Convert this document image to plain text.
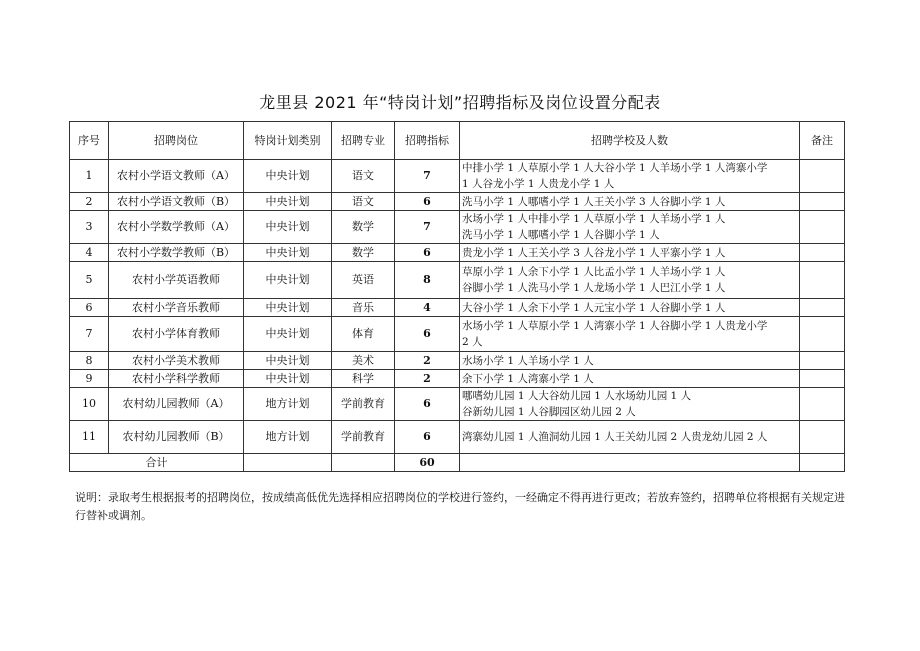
龙里县 2021 年“特岗计划”招聘指标及岗位设置分配表
序号	招聘岗位	特岗计划类别	招聘专业	招聘指标	招聘学校及人数	备注
1	农村小学语文教师（A）	中央计划	语文	7	中排小学 1 人草原小学 1 人大谷小学 1 人羊场小学 1 人湾寨小学
1 人谷龙小学 1 人贵龙小学 1 人	

2	农村小学语文教师（B）	中央计划	语文	6	洗马小学 1 人哪嗜小学 1 人王关小学 3 人谷脚小学 1 人	

3	农村小学数学教师（A）	中央计划	数学	7	水场小学 1 人中排小学 1 人草原小学 1 人羊场小学 1 人
洗马小学 1 人哪嗜小学 1 人谷脚小学 1 人	

4	农村小学数学教师（B）	中央计划	数学	6	贵龙小学 1 人王关小学 3 人谷龙小学 1 人平寨小学 1 人	

5	农村小学英语教师	中央计划	英语	8	草原小学 1 人余下小学 1 人比孟小学 1 人羊场小学 1 人
谷脚小学 1 人洗马小学 1 人龙场小学 1 人巴江小学 1 人	

6	农村小学音乐教师	中央计划	音乐	4	大谷小学 1 人余下小学 1 人元宝小学 1 人谷脚小学 1 人	

7	农村小学体育教师	中央计划	体育	6	水场小学 1 人草原小学 1 人湾寨小学 1 人谷脚小学 1 人贵龙小学
2 人	

8	农村小学美术教师	中央计划	美术	2	水场小学 1 人羊场小学 1 人	

9	农村小学科学教师	中央计划	科学	2	余下小学 1 人湾寨小学 1 人	

10	农村幼儿园教师（A）	地方计划	学前教育	6	哪嗜幼儿园 1 人大谷幼儿园 1 人水场幼儿园 1 人
谷新幼儿园 1 人谷脚园区幼儿园 2 人	

11	农村幼儿园教师（B）	地方计划	学前教育	6	湾寨幼儿园 1 人渔洞幼儿园 1 人王关幼儿园 2 人贵龙幼儿园 2 人	

合计				60		
说明：录取考生根据报考的招聘岗位，按成绩高低优先选择相应招聘岗位的学校进行签约，一经确定不得再进行更改；若放弃签约，招聘单位将根据有关规定进行替补或调剂。
